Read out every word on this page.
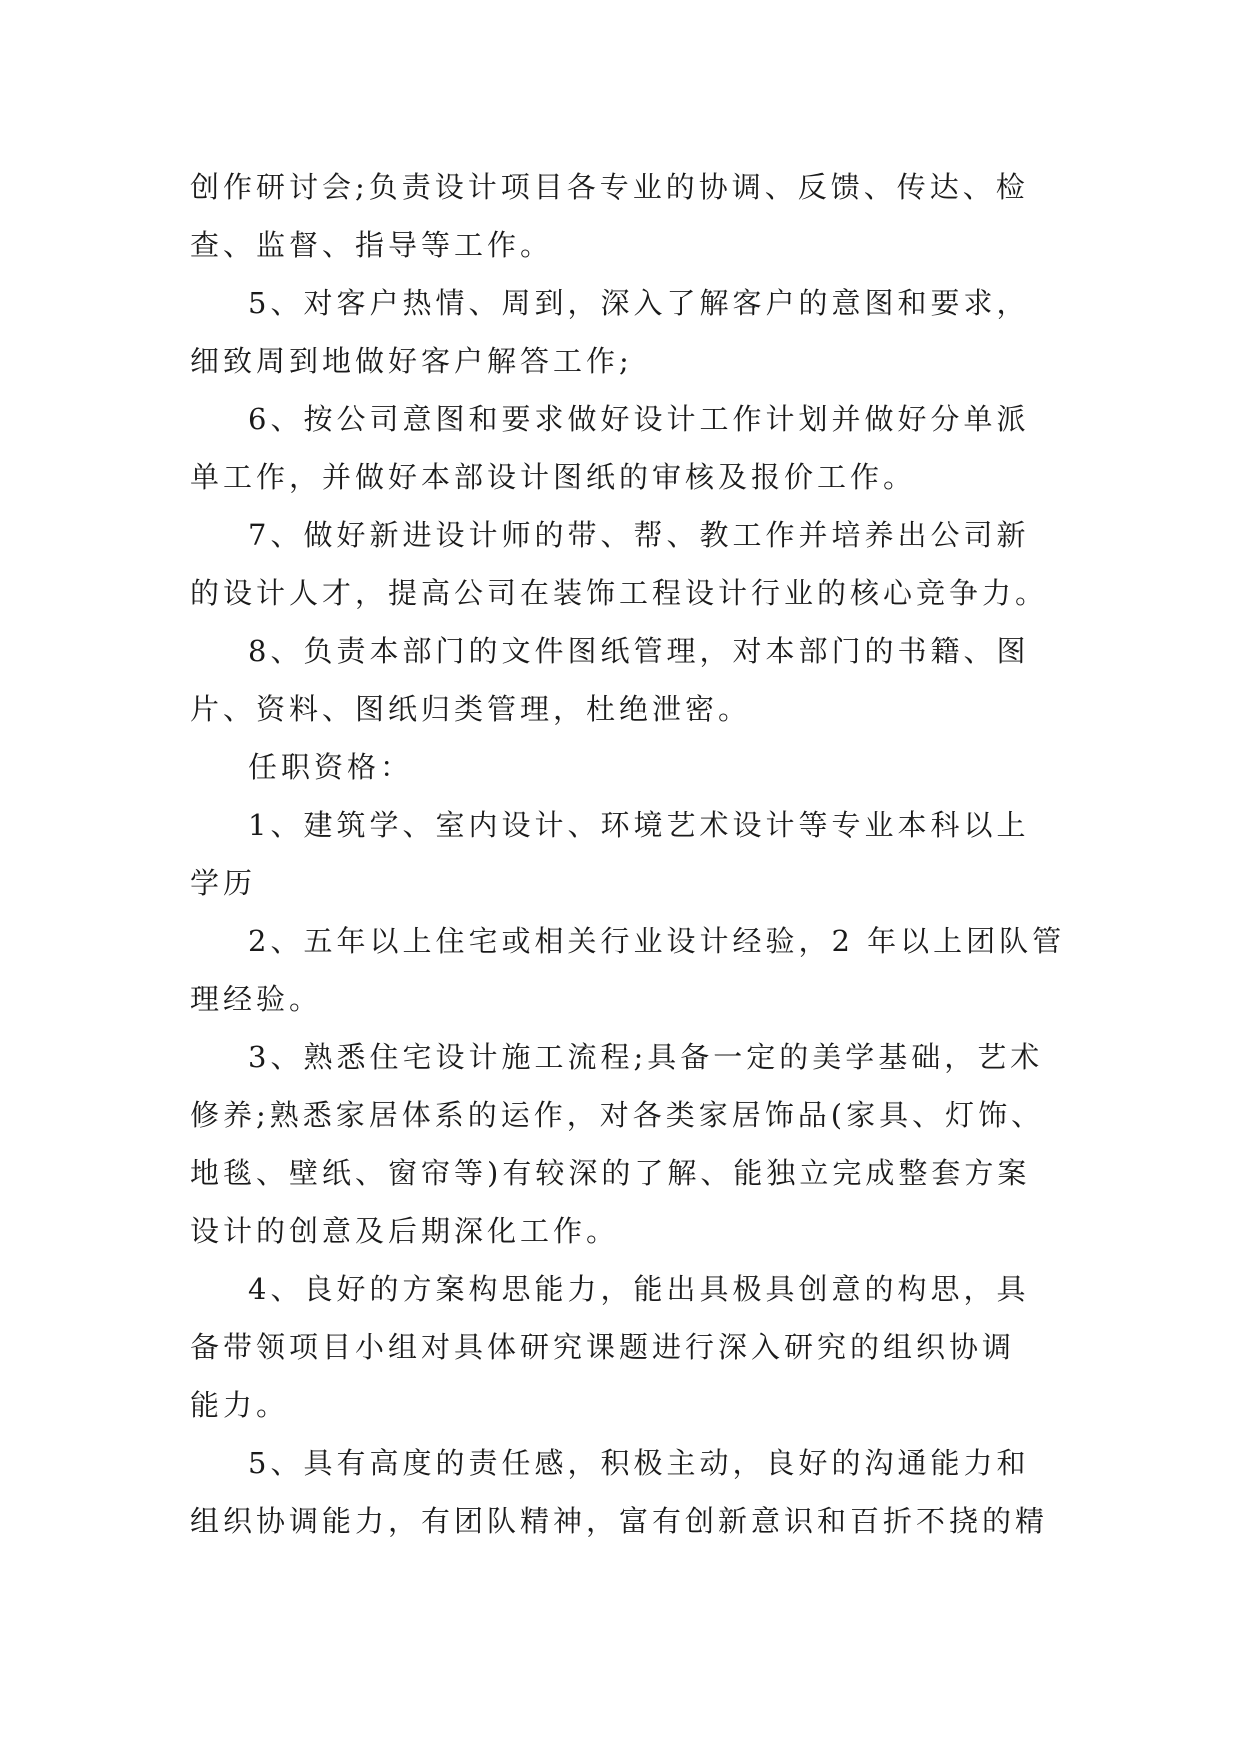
创作研讨会;负责设计项目各专业的协调、反馈、传达、检
查、监督、指导等工作。
5、对客户热情、周到，深入了解客户的意图和要求，
细致周到地做好客户解答工作;
6、按公司意图和要求做好设计工作计划并做好分单派
单工作，并做好本部设计图纸的审核及报价工作。
7、做好新进设计师的带、帮、教工作并培养出公司新
的设计人才，提高公司在装饰工程设计行业的核心竞争力。
8、负责本部门的文件图纸管理，对本部门的书籍、图
片、资料、图纸归类管理，杜绝泄密。
任职资格：
1、建筑学、室内设计、环境艺术设计等专业本科以上
学历
2、五年以上住宅或相关行业设计经验，2 年以上团队管
理经验。
3、熟悉住宅设计施工流程;具备一定的美学基础，艺术
修养;熟悉家居体系的运作，对各类家居饰品(家具、灯饰、
地毯、壁纸、窗帘等)有较深的了解、能独立完成整套方案
设计的创意及后期深化工作。
4、良好的方案构思能力，能出具极具创意的构思，具
备带领项目小组对具体研究课题进行深入研究的组织协调
能力。
5、具有高度的责任感，积极主动，良好的沟通能力和
组织协调能力，有团队精神，富有创新意识和百折不挠的精
